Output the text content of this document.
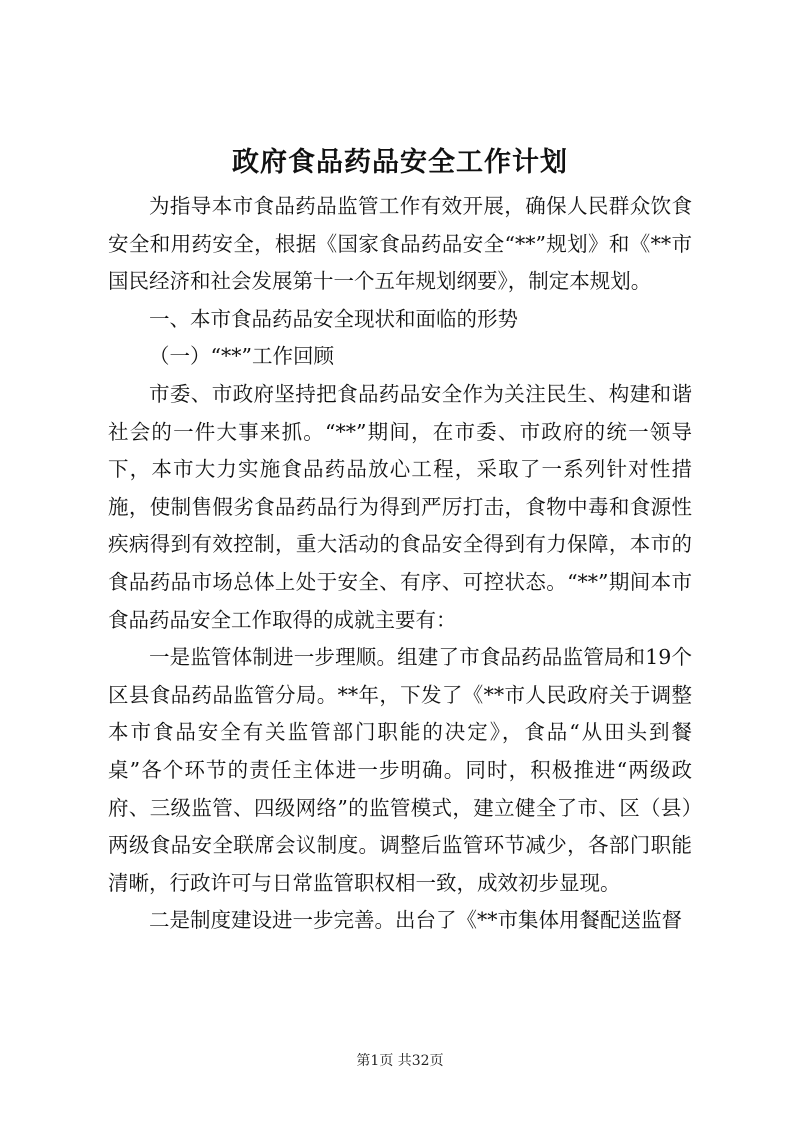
政府食品药品安全工作计划

为指导本市食品药品监管工作有效开展，确保人民群众饮食安全和用药安全，根据《国家食品药品安全“**”规划》和《**市国民经济和社会发展第十一个五年规划纲要》，制定本规划。

一、本市食品药品安全现状和面临的形势

（一）“**”工作回顾

市委、市政府坚持把食品药品安全作为关注民生、构建和谐社会的一件大事来抓。“**”期间，在市委、市政府的统一领导下，本市大力实施食品药品放心工程，采取了一系列针对性措施，使制售假劣食品药品行为得到严厉打击，食物中毒和食源性疾病得到有效控制，重大活动的食品安全得到有力保障，本市的食品药品市场总体上处于安全、有序、可控状态。“**”期间本市食品药品安全工作取得的成就主要有：

一是监管体制进一步理顺。组建了市食品药品监管局和19个区县食品药品监管分局。**年，下发了《**市人民政府关于调整本市食品安全有关监管部门职能的决定》，食品“从田头到餐桌”各个环节的责任主体进一步明确。同时，积极推进“两级政府、三级监管、四级网络”的监管模式，建立健全了市、区（县）两级食品安全联席会议制度。调整后监管环节减少，各部门职能清晰，行政许可与日常监管职权相一致，成效初步显现。

二是制度建设进一步完善。出台了《**市集体用餐配送监督

第1页 共32页
